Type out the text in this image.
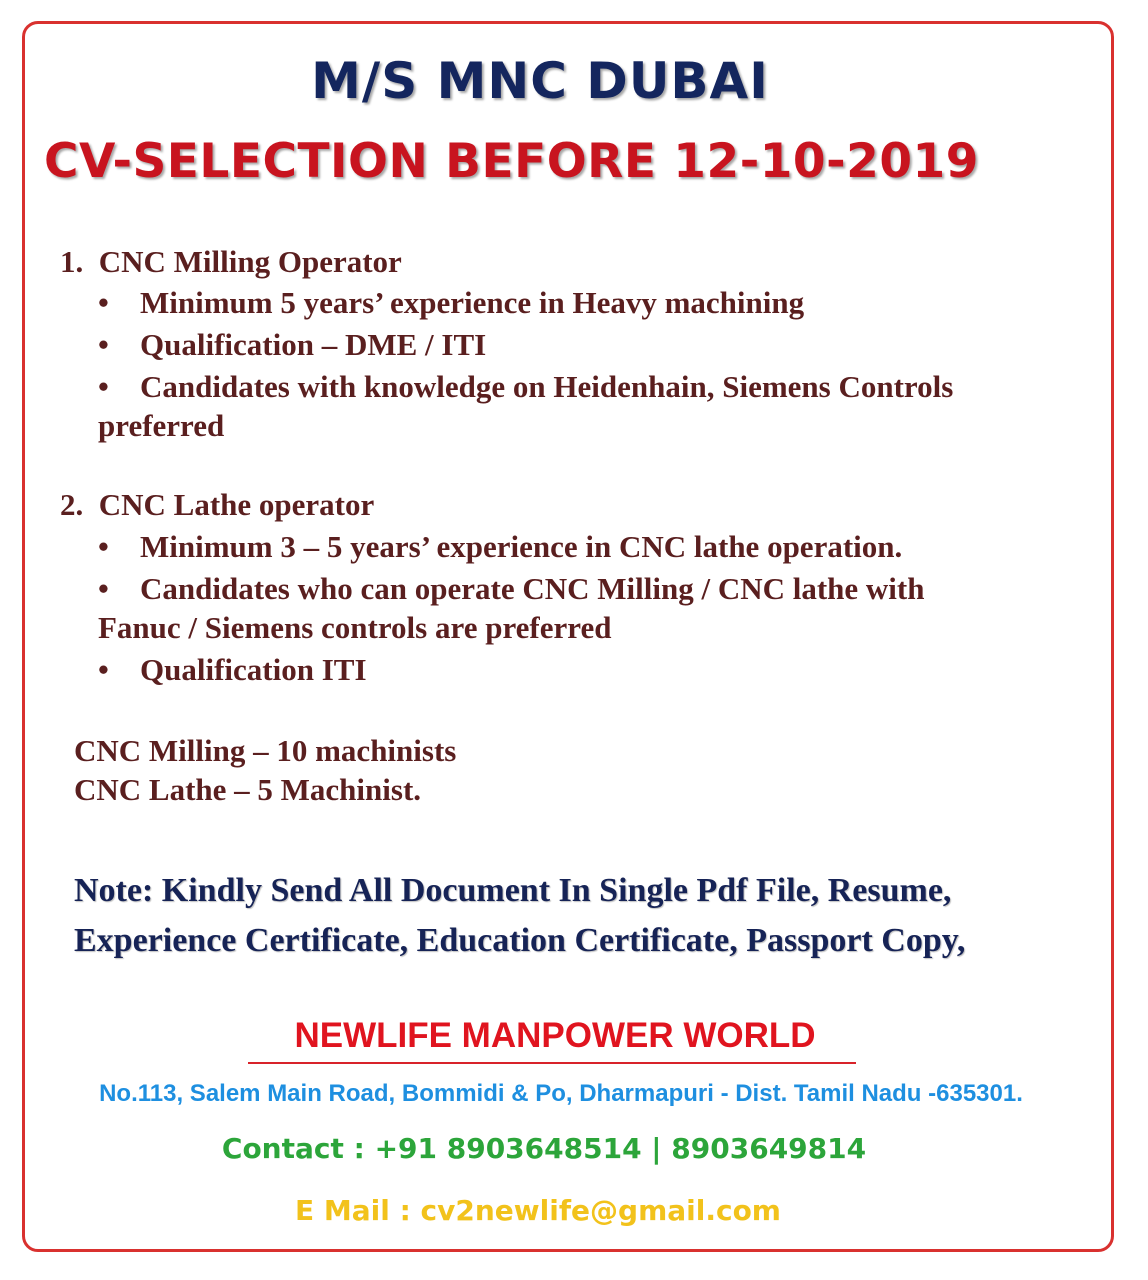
M/S MNC DUBAI
CV-SELECTION BEFORE 12-10-2019
1. CNC Milling Operator
• Minimum 5 years’ experience in Heavy machining
• Qualification – DME / ITI
• Candidates with knowledge on Heidenhain, Siemens Controls
preferred
2. CNC Lathe operator
• Minimum 3 – 5 years’ experience in CNC lathe operation.
• Candidates who can operate CNC Milling / CNC lathe with
Fanuc / Siemens controls are preferred
• Qualification ITI
CNC Milling – 10 machinists
CNC Lathe – 5 Machinist.
Note: Kindly Send All Document In Single Pdf File, Resume,
Experience Certificate, Education Certificate, Passport Copy,
NEWLIFE MANPOWER WORLD
No.113, Salem Main Road, Bommidi & Po, Dharmapuri - Dist. Tamil Nadu -635301.
Contact : +91 8903648514 | 8903649814
E Mail : cv2newlife@gmail.com
